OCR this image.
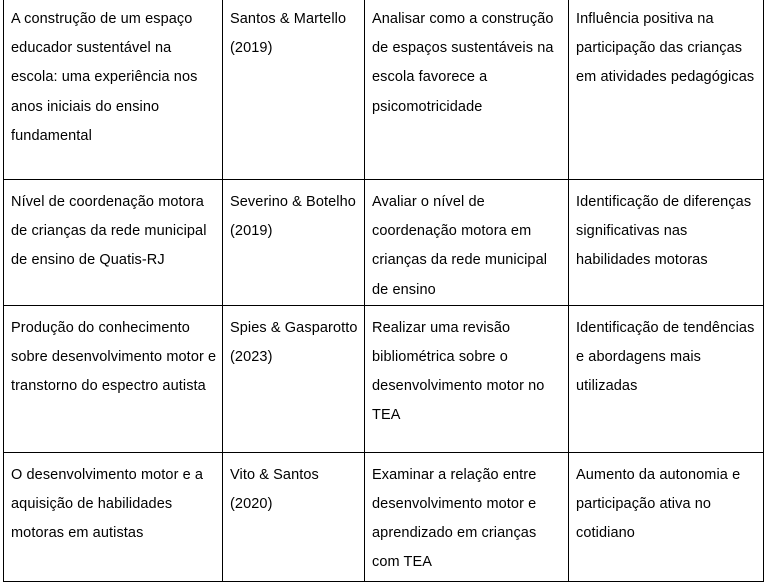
A construção de um espaço educador sustentável na escola: uma experiência nos anos iniciais do ensino fundamental	Santos & Martello (2019)	Analisar como a construção de espaços sustentáveis na escola favorece a psicomotricidade	Influência positiva na participação das crianças em atividades pedagógicas
Nível de coordenação motora de crianças da rede municipal de ensino de Quatis-RJ	Severino & Botelho (2019)	Avaliar o nível de coordenação motora em crianças da rede municipal de ensino	Identificação de diferenças significativas nas habilidades motoras
Produção do conhecimento sobre desenvolvimento motor e transtorno do espectro autista	Spies & Gasparotto (2023)	Realizar uma revisão bibliométrica sobre o desenvolvimento motor no TEA	Identificação de tendências e abordagens mais utilizadas
O desenvolvimento motor e a aquisição de habilidades motoras em autistas	Vito & Santos (2020)	Examinar a relação entre desenvolvimento motor e aprendizado em crianças com TEA	Aumento da autonomia e participação ativa no cotidiano
